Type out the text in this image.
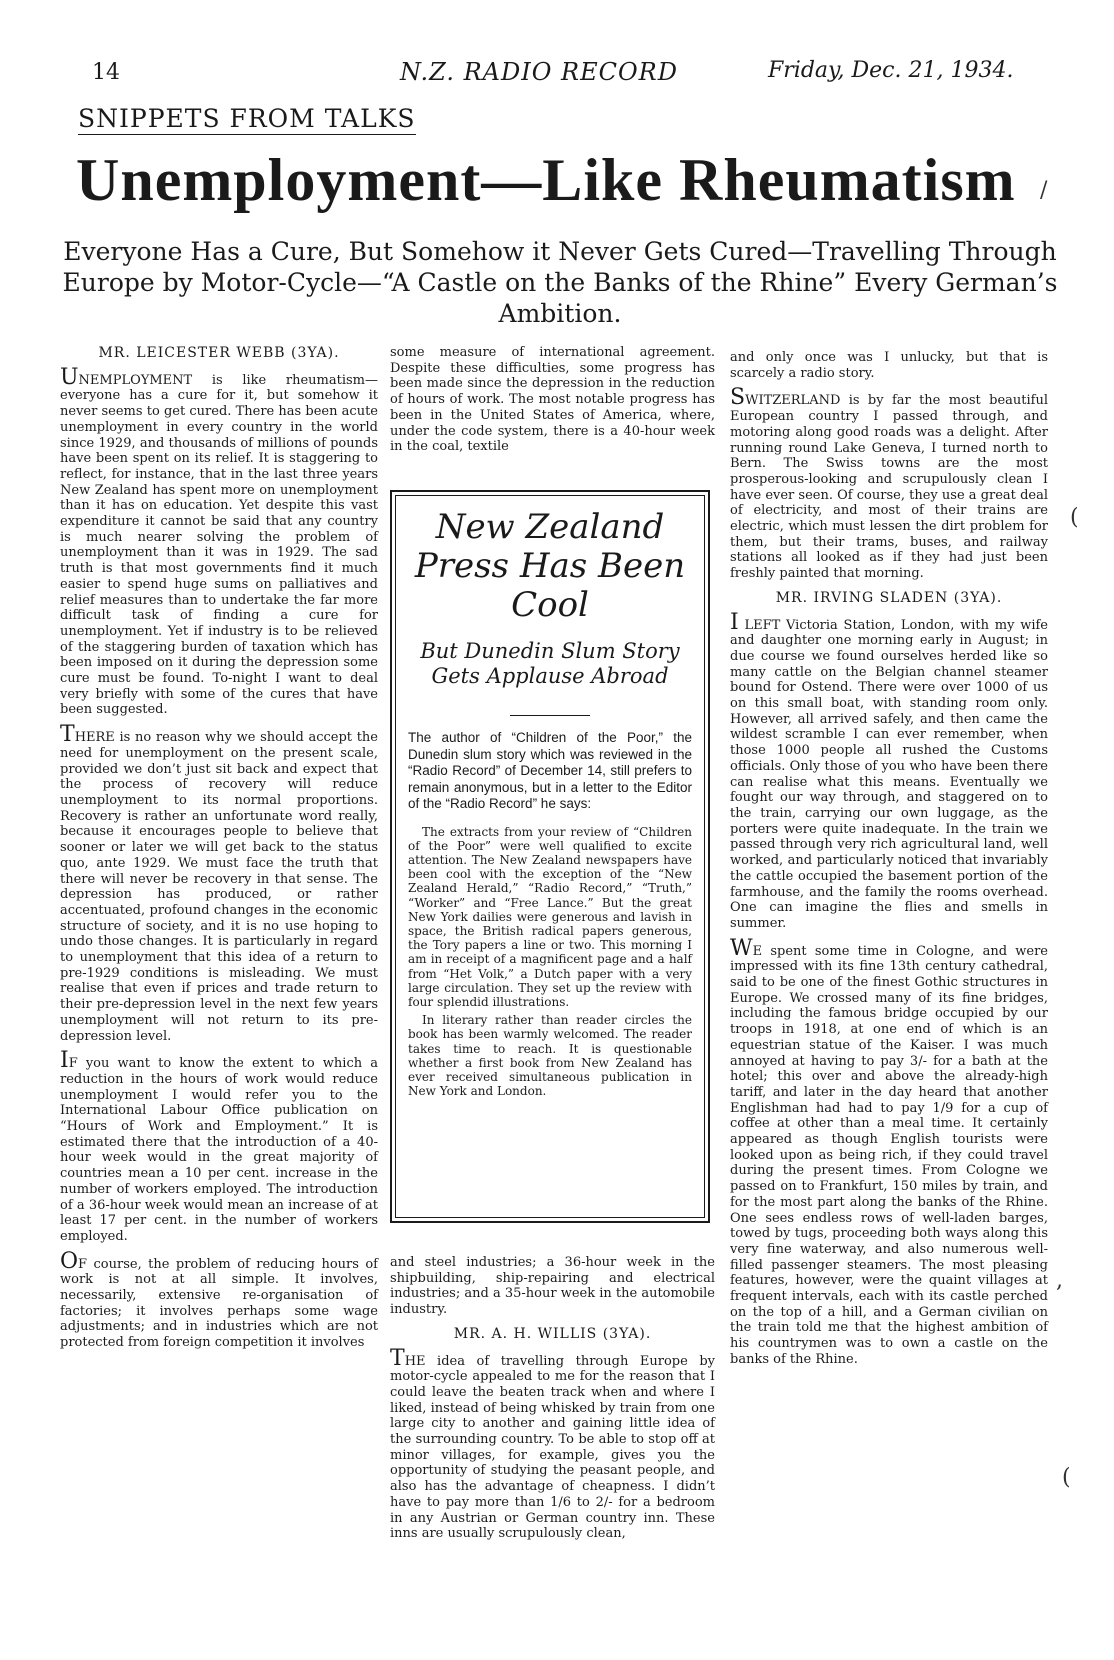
14	N.Z. RADIO RECORD	Friday, Dec. 21, 1934.
SNIPPETS FROM TALKS
Unemployment—Like Rheumatism
Everyone Has a Cure, But Somehow it Never Gets Cured—Travelling Through Europe by Motor-Cycle—“A Castle on the Banks of the Rhine” Every German’s Ambition.
MR. LEICESTER WEBB (3YA).

UNEMPLOYMENT is like rheumatism—everyone has a cure for it, but somehow it never seems to get cured. There has been acute unemployment in every country in the world since 1929, and thousands of millions of pounds have been spent on its relief. It is staggering to reflect, for instance, that in the last three years New Zealand has spent more on unemployment than it has on education. Yet despite this vast expenditure it cannot be said that any country is much nearer solving the problem of unemployment than it was in 1929. The sad truth is that most governments find it much easier to spend huge sums on palliatives and relief measures than to undertake the far more difficult task of finding a cure for unemployment. Yet if industry is to be relieved of the staggering burden of taxation which has been imposed on it during the depression some cure must be found. To-night I want to deal very briefly with some of the cures that have been suggested.

THERE is no reason why we should accept the need for unemployment on the present scale, provided we don’t just sit back and expect that the process of recovery will reduce unemployment to its normal proportions. Recovery is rather an unfortunate word really, because it encourages people to believe that sooner or later we will get back to the status quo, ante 1929. We must face the truth that there will never be recovery in that sense. The depression has produced, or rather accentuated, profound changes in the economic structure of society, and it is no use hoping to undo those changes. It is particularly in regard to unemployment that this idea of a return to pre-1929 conditions is misleading. We must realise that even if prices and trade return to their pre-depression level in the next few years unemployment will not return to its pre-depression level.

IF you want to know the extent to which a reduction in the hours of work would reduce unemployment I would refer you to the International Labour Office publication on “Hours of Work and Employment.” It is estimated there that the introduction of a 40-hour week would in the great majority of countries mean a 10 per cent. increase in the number of workers employed. The introduction of a 36-hour week would mean an increase of at least 17 per cent. in the number of workers employed.

OF course, the problem of reducing hours of work is not at all simple. It involves, necessarily, extensive re-organisation of factories; it involves perhaps some wage adjustments; and in industries which are not protected from foreign competition it involves

some measure of international agreement. Despite these difficulties, some progress has been made since the depression in the reduction of hours of work. The most notable progress has been in the United States of America, where, under the code system, there is a 40-hour week in the coal, textile

New Zealand Press Has Been Cool
But Dunedin Slum Story Gets Applause Abroad

The author of “Children of the Poor,” the Dunedin slum story which was reviewed in the “Radio Record” of December 14, still prefers to remain anonymous, but in a letter to the Editor of the “Radio Record” he says:

The extracts from your review of “Children of the Poor” were well qualified to excite attention. The New Zealand newspapers have been cool with the exception of the “New Zealand Herald,” “Radio Record,” “Truth,” “Worker” and “Free Lance.” But the great New York dailies were generous and lavish in space, the British radical papers generous, the Tory papers a line or two. This morning I am in receipt of a magnificent page and a half from “Het Volk,” a Dutch paper with a very large circulation. They set up the review with four splendid illustrations.

In literary rather than reader circles the book has been warmly welcomed. The reader takes time to reach. It is questionable whether a first book from New Zealand has ever received simultaneous publication in New York and London.

and steel industries; a 36-hour week in the shipbuilding, ship-repairing and electrical industries; and a 35-hour week in the automobile industry.

MR. A. H. WILLIS (3YA).

THE idea of travelling through Europe by motor-cycle appealed to me for the reason that I could leave the beaten track when and where I liked, instead of being whisked by train from one large city to another and gaining little idea of the surrounding country. To be able to stop off at minor villages, for example, gives you the opportunity of studying the peasant people, and also has the advantage of cheapness. I didn’t have to pay more than 1/6 to 2/- for a bedroom in any Austrian or German country inn. These inns are usually scrupulously clean,

and only once was I unlucky, but that is scarcely a radio story.

SWITZERLAND is by far the most beautiful European country I passed through, and motoring along good roads was a delight. After running round Lake Geneva, I turned north to Bern. The Swiss towns are the most prosperous-looking and scrupulously clean I have ever seen. Of course, they use a great deal of electricity, and most of their trains are electric, which must lessen the dirt problem for them, but their trams, buses, and railway stations all looked as if they had just been freshly painted that morning.

MR. IRVING SLADEN (3YA).

I LEFT Victoria Station, London, with my wife and daughter one morning early in August; in due course we found ourselves herded like so many cattle on the Belgian channel steamer bound for Ostend. There were over 1000 of us on this small boat, with standing room only. However, all arrived safely, and then came the wildest scramble I can ever remember, when those 1000 people all rushed the Customs officials. Only those of you who have been there can realise what this means. Eventually we fought our way through, and staggered on to the train, carrying our own luggage, as the porters were quite inadequate. In the train we passed through very rich agricultural land, well worked, and particularly noticed that invariably the cattle occupied the basement portion of the farmhouse, and the family the rooms overhead. One can imagine the flies and smells in summer.

WE spent some time in Cologne, and were impressed with its fine 13th century cathedral, said to be one of the finest Gothic structures in Europe. We crossed many of its fine bridges, including the famous bridge occupied by our troops in 1918, at one end of which is an equestrian statue of the Kaiser. I was much annoyed at having to pay 3/- for a bath at the hotel; this over and above the already-high tariff, and later in the day heard that another Englishman had had to pay 1/9 for a cup of coffee at other than a meal time. It certainly appeared as though English tourists were looked upon as being rich, if they could travel during the present times. From Cologne we passed on to Frankfurt, 150 miles by train, and for the most part along the banks of the Rhine. One sees endless rows of well-laden barges, towed by tugs, proceeding both ways along this very fine waterway, and also numerous well-filled passenger steamers. The most pleasing features, however, were the quaint villages at frequent intervals, each with its castle perched on the top of a hill, and a German civilian on the train told me that the highest ambition of his countrymen was to own a castle on the banks of the Rhine.

/
(
,
(
